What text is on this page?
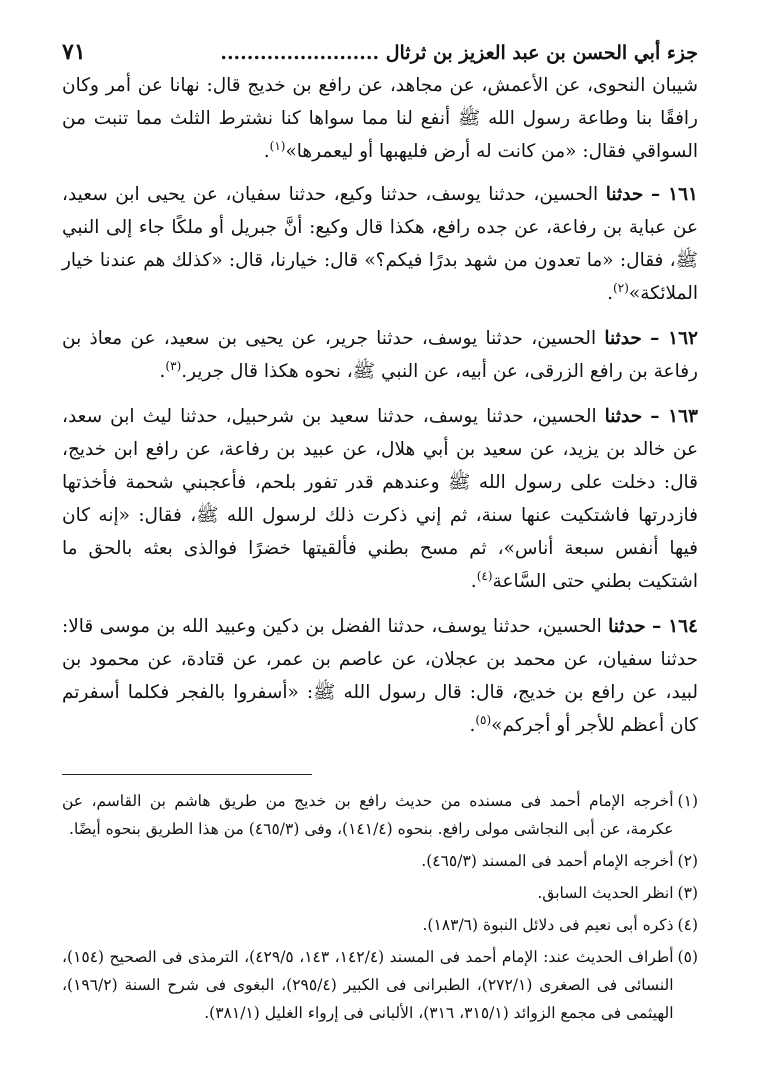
جزء أبي الحسن بن عبد العزيز بن ثرثال ........................
٧١

شيبان النحوى، عن الأعمش، عن مجاهد، عن رافع بن خديج قال: نهانا عن أمر وكان رافقًا بنا وطاعة رسول الله ﷺ أنفع لنا مما سواها كنا نشترط الثلث مما تنبت من السواقي فقال: «من كانت له أرض فليهبها أو ليعمرها»$^{(١)}$.

١٦١ – حدثنا الحسين، حدثنا يوسف، حدثنا وكيع، حدثنا سفيان، عن يحيى ابن سعيد، عن عباية بن رفاعة، عن جده رافع، هكذا قال وكيع: أنَّ جبريل أو ملكًا جاء إلى النبي ﷺ، فقال: «ما تعدون من شهد بدرًا فيكم؟» قال: خيارنا، قال: «كذلك هم عندنا خيار الملائكة»$^{(٢)}$.

١٦٢ – حدثنا الحسين، حدثنا يوسف، حدثنا جرير، عن يحيى بن سعيد، عن معاذ بن رفاعة بن رافع الزرقى، عن أبيه، عن النبي ﷺ، نحوه هكذا قال جرير.$^{(٣)}$.

١٦٣ – حدثنا الحسين، حدثنا يوسف، حدثنا سعيد بن شرحبيل، حدثنا ليث ابن سعد، عن خالد بن يزيد، عن سعيد بن أبي هلال، عن عبيد بن رفاعة، عن رافع ابن خديج، قال: دخلت على رسول الله ﷺ وعندهم قدر تفور بلحم، فأعجبني شحمة فأخذتها فازدرتها فاشتكيت عنها سنة، ثم إني ذكرت ذلك لرسول الله ﷺ، فقال: «إنه كان فيها أنفس سبعة أناس»، ثم مسح بطني فألقيتها خضرًا فوالذى بعثه بالحق ما اشتكيت بطني حتى السَّاعة$^{(٤)}$.

١٦٤ – حدثنا الحسين، حدثنا يوسف، حدثنا الفضل بن دكين وعبيد الله بن موسى قالا: حدثنا سفيان، عن محمد بن عجلان، عن عاصم بن عمر، عن قتادة، عن محمود بن لبيد، عن رافع بن خديج، قال: قال رسول الله ﷺ: «أسفروا بالفجر فكلما أسفرتم كان أعظم للأجر أو أجركم»$^{(٥)}$.

(١)
أخرجه الإمام أحمد فى مسنده من حديث رافع بن خديج من طريق هاشم بن القاسم، عن عكرمة، عن أبى النجاشى مولى رافع. بنحوه (١٤١/٤)، وفى (٤٦٥/٣) من هذا الطريق بنحوه أيضًا.
(٢)
أخرجه الإمام أحمد فى المسند (٤٦٥/٣).
(٣)
انظر الحديث السابق.
(٤)
ذكره أبى نعيم فى دلائل النبوة (١٨٣/٦).
(٥)
أطراف الحديث عند: الإمام أحمد فى المسند (١٤٢/٤، ١٤٣، ٤٢٩/٥)، الترمذى فى الصحيح (١٥٤)، النسائى فى الصغرى (٢٧٢/١)، الطبرانى فى الكبير (٢٩٥/٤)، البغوى فى شرح السنة (١٩٦/٢)، الهيثمى فى مجمع الزوائد (٣١٥/١، ٣١٦)، الألبانى فى إرواء الغليل (٣٨١/١).
